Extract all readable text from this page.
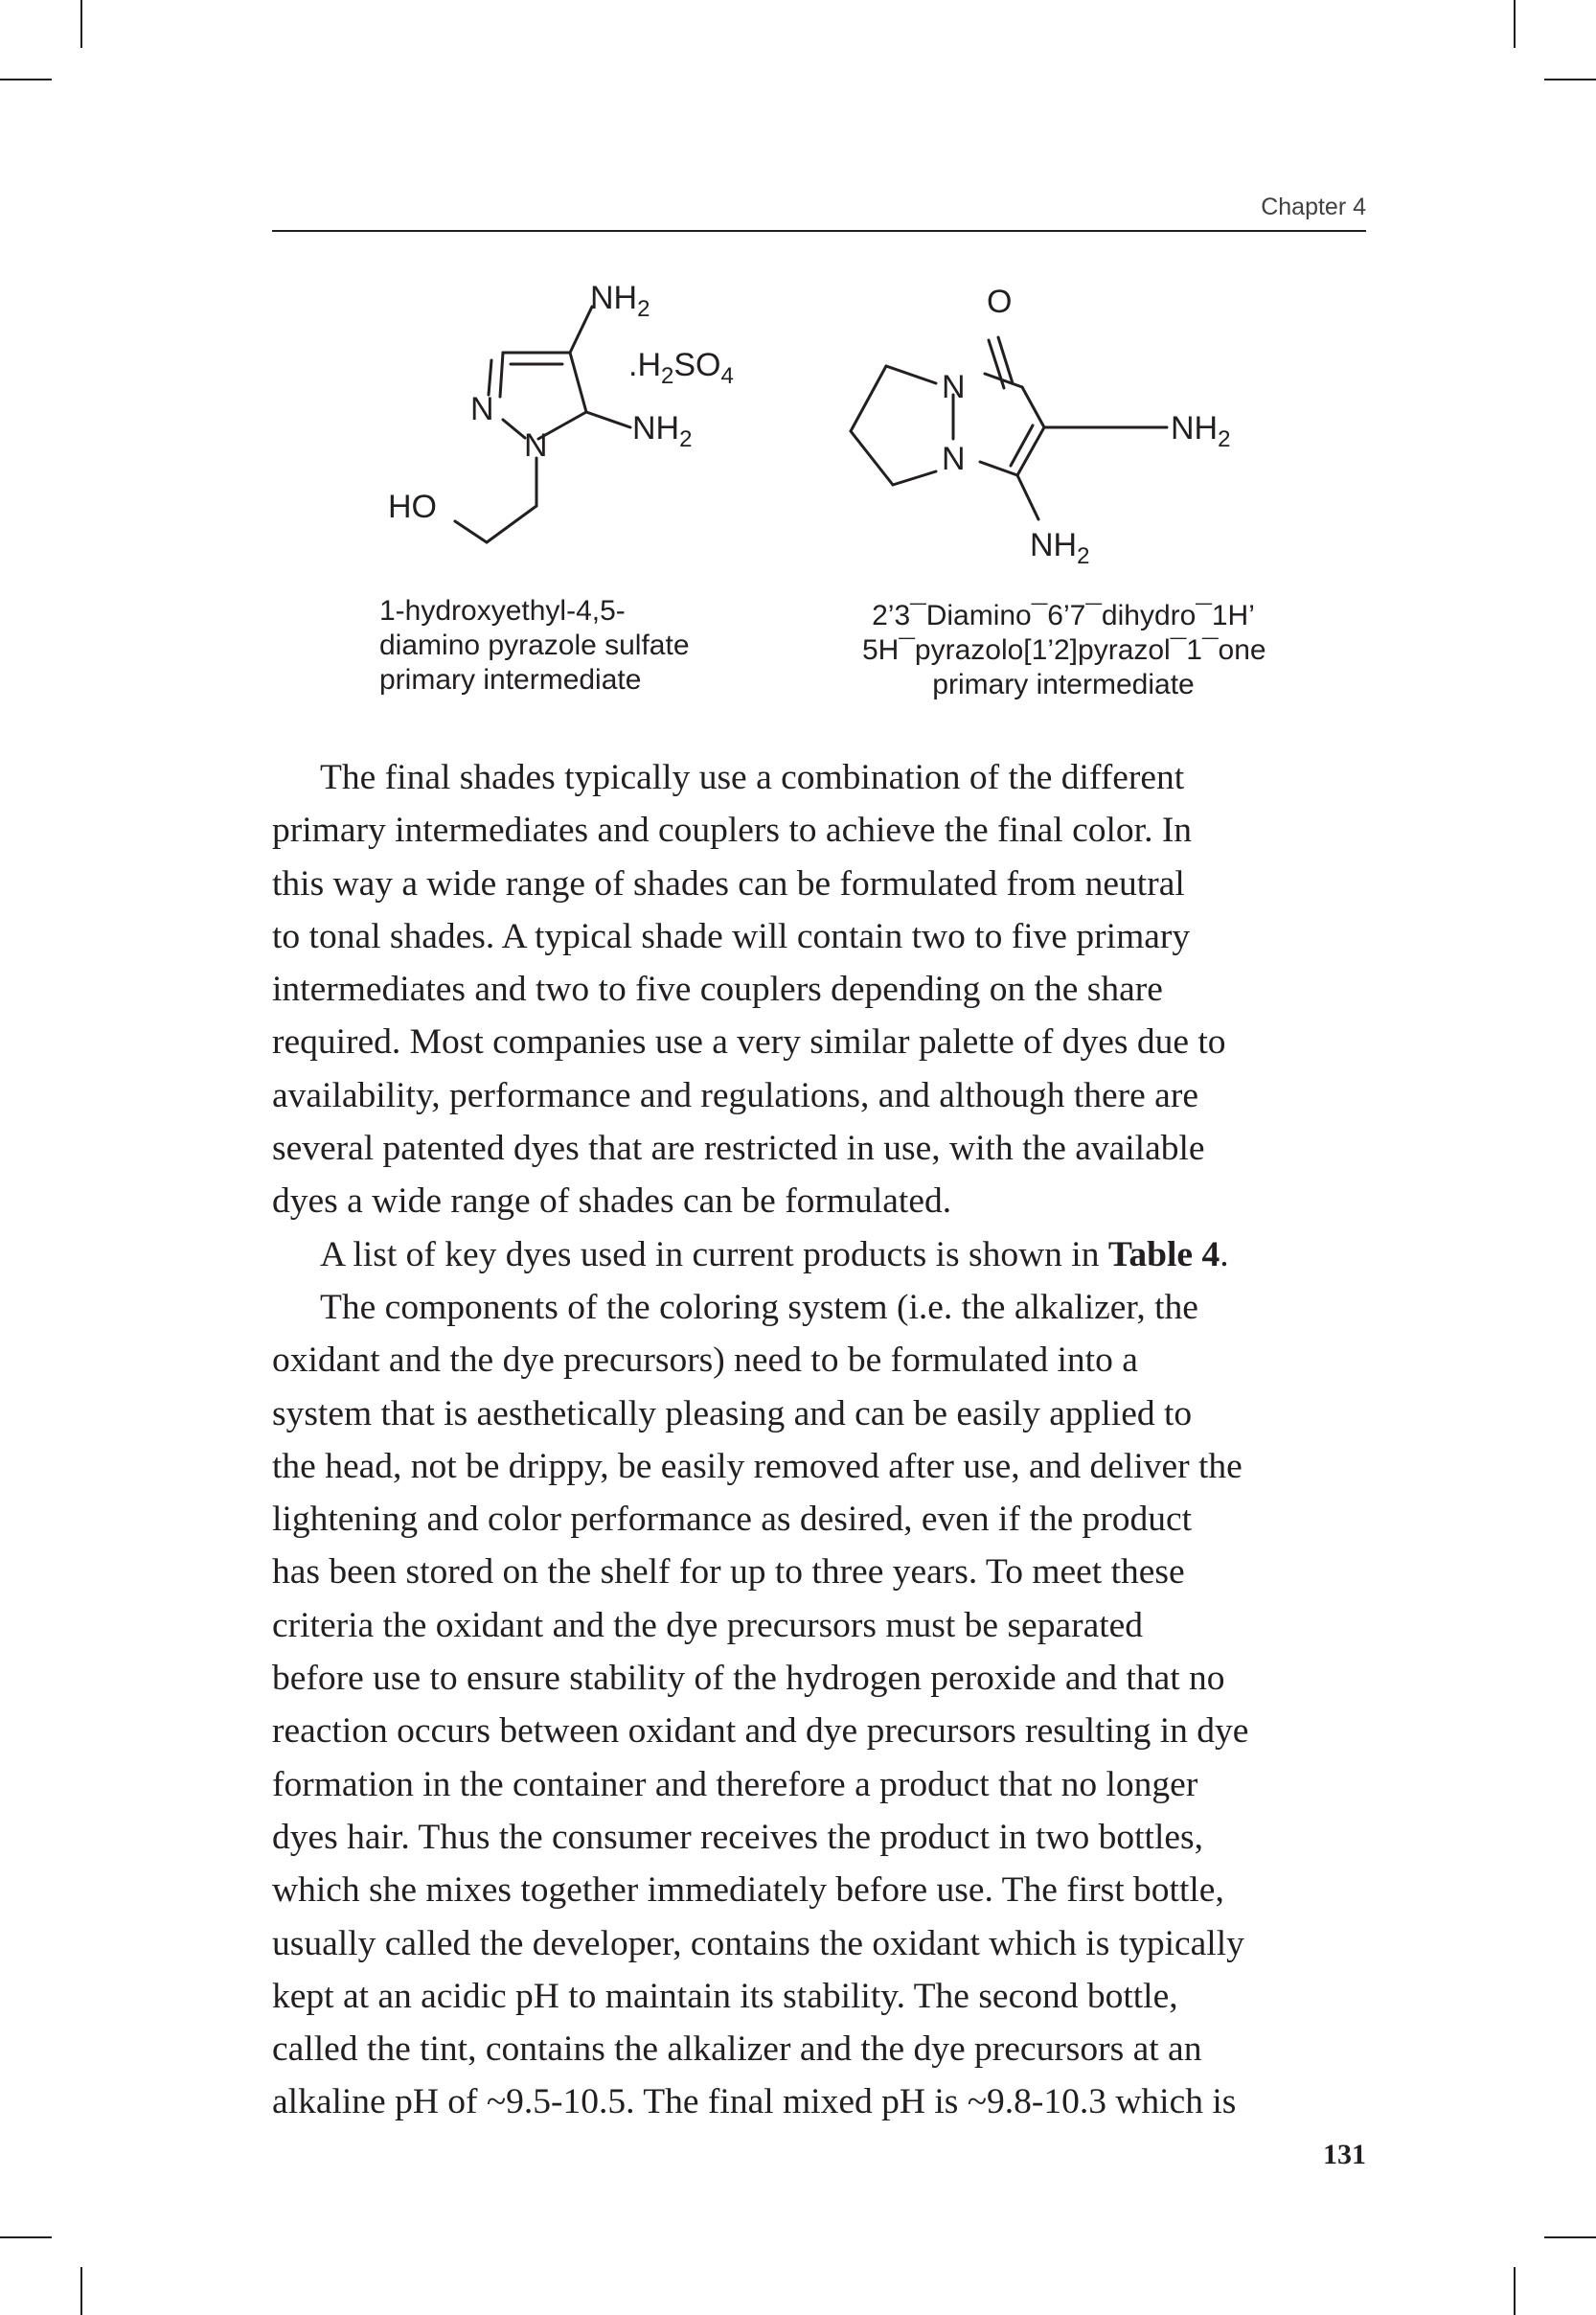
Chapter 4
$NH_2$
$.H_2SO_4$
N
N	$NH_2$
HO
O
N
N
$NH_2$
$NH_2$
1-hydroxyethyl-4,5-
diamino pyrazole sulfate
primary intermediate
2’3¯Diamino¯6’7¯dihydro¯1H’
5H¯pyrazolo[1’2]pyrazol¯1¯one
primary intermediate
The final shades typically use a combination of the different
primary intermediates and couplers to achieve the final color. In
this way a wide range of shades can be formulated from neutral
to tonal shades. A typical shade will contain two to five primary
intermediates and two to five couplers depending on the share
required. Most companies use a very similar palette of dyes due to
availability, performance and regulations, and although there are
several patented dyes that are restricted in use, with the available
dyes a wide range of shades can be formulated.
A list of key dyes used in current products is shown in Table 4.
The components of the coloring system (i.e. the alkalizer, the
oxidant and the dye precursors) need to be formulated into a
system that is aesthetically pleasing and can be easily applied to
the head, not be drippy, be easily removed after use, and deliver the
lightening and color performance as desired, even if the product
has been stored on the shelf for up to three years. To meet these
criteria the oxidant and the dye precursors must be separated
before use to ensure stability of the hydrogen peroxide and that no
reaction occurs between oxidant and dye precursors resulting in dye
formation in the container and therefore a product that no longer
dyes hair. Thus the consumer receives the product in two bottles,
which she mixes together immediately before use. The first bottle,
usually called the developer, contains the oxidant which is typically
kept at an acidic pH to maintain its stability. The second bottle,
called the tint, contains the alkalizer and the dye precursors at an
alkaline pH of ~9.5-10.5. The final mixed pH is ~9.8-10.3 which is
131
